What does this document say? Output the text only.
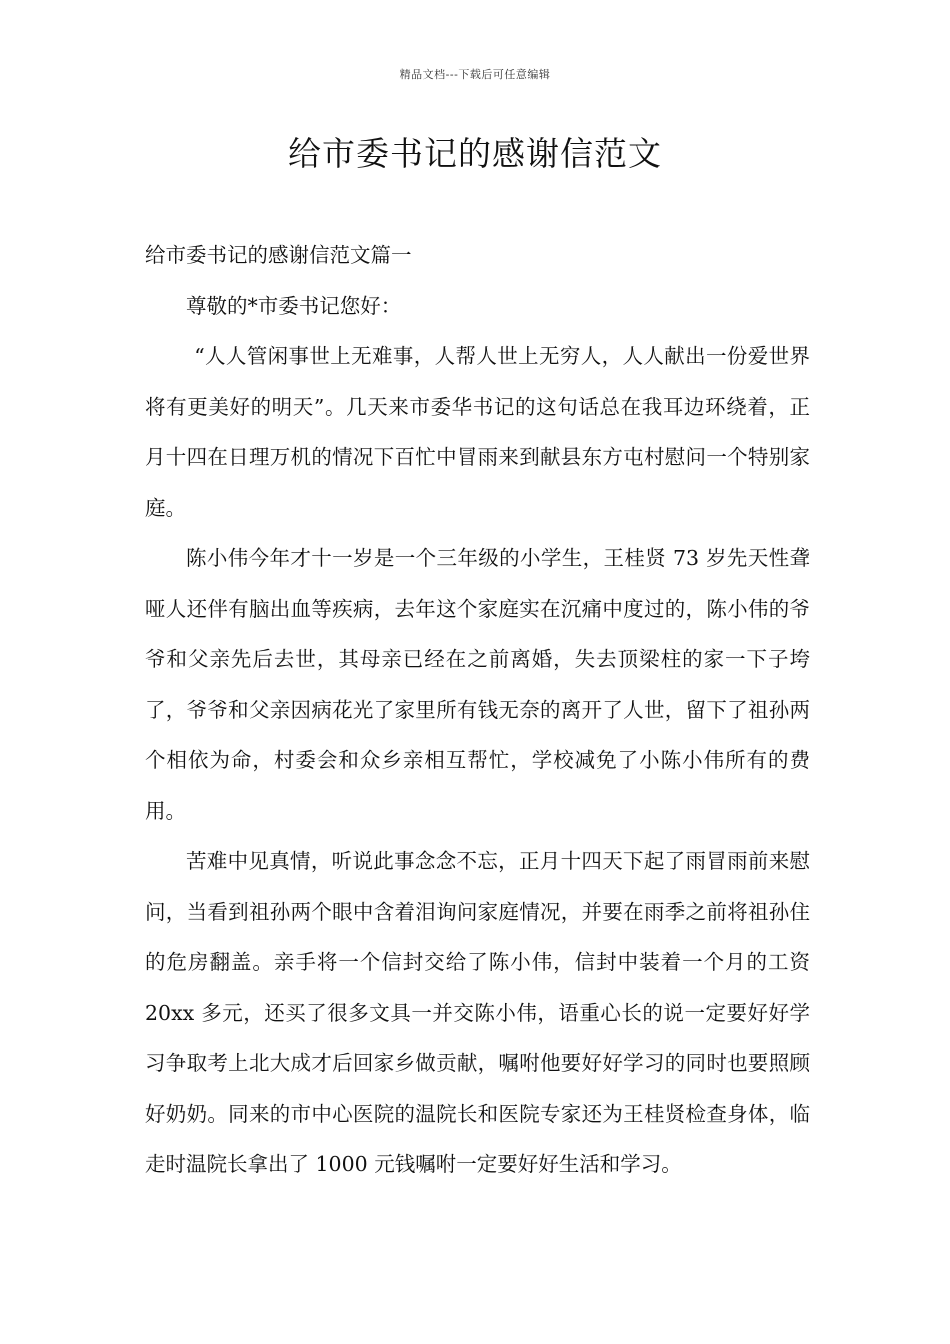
精品文档---下载后可任意编辑
给市委书记的感谢信范文

给市委书记的感谢信范文篇一

尊敬的*市委书记您好：

“人人管闲事世上无难事，人帮人世上无穷人，人人献出一份爱世界将有更美好的明天”。几天来市委华书记的这句话总在我耳边环绕着，正月十四在日理万机的情况下百忙中冒雨来到献县东方屯村慰问一个特别家庭。

陈小伟今年才十一岁是一个三年级的小学生，王桂贤 73 岁先天性聋哑人还伴有脑出血等疾病，去年这个家庭实在沉痛中度过的，陈小伟的爷爷和父亲先后去世，其母亲已经在之前离婚，失去顶梁柱的家一下子垮了，爷爷和父亲因病花光了家里所有钱无奈的离开了人世，留下了祖孙两个相依为命，村委会和众乡亲相互帮忙，学校减免了小陈小伟所有的费用。

苦难中见真情，听说此事念念不忘，正月十四天下起了雨冒雨前来慰问，当看到祖孙两个眼中含着泪询问家庭情况，并要在雨季之前将祖孙住的危房翻盖。亲手将一个信封交给了陈小伟，信封中装着一个月的工资 20xx 多元，还买了很多文具一并交陈小伟，语重心长的说一定要好好学习争取考上北大成才后回家乡做贡献，嘱咐他要好好学习的同时也要照顾好奶奶。同来的市中心医院的温院长和医院专家还为王桂贤检查身体，临走时温院长拿出了 1000 元钱嘱咐一定要好好生活和学习。
